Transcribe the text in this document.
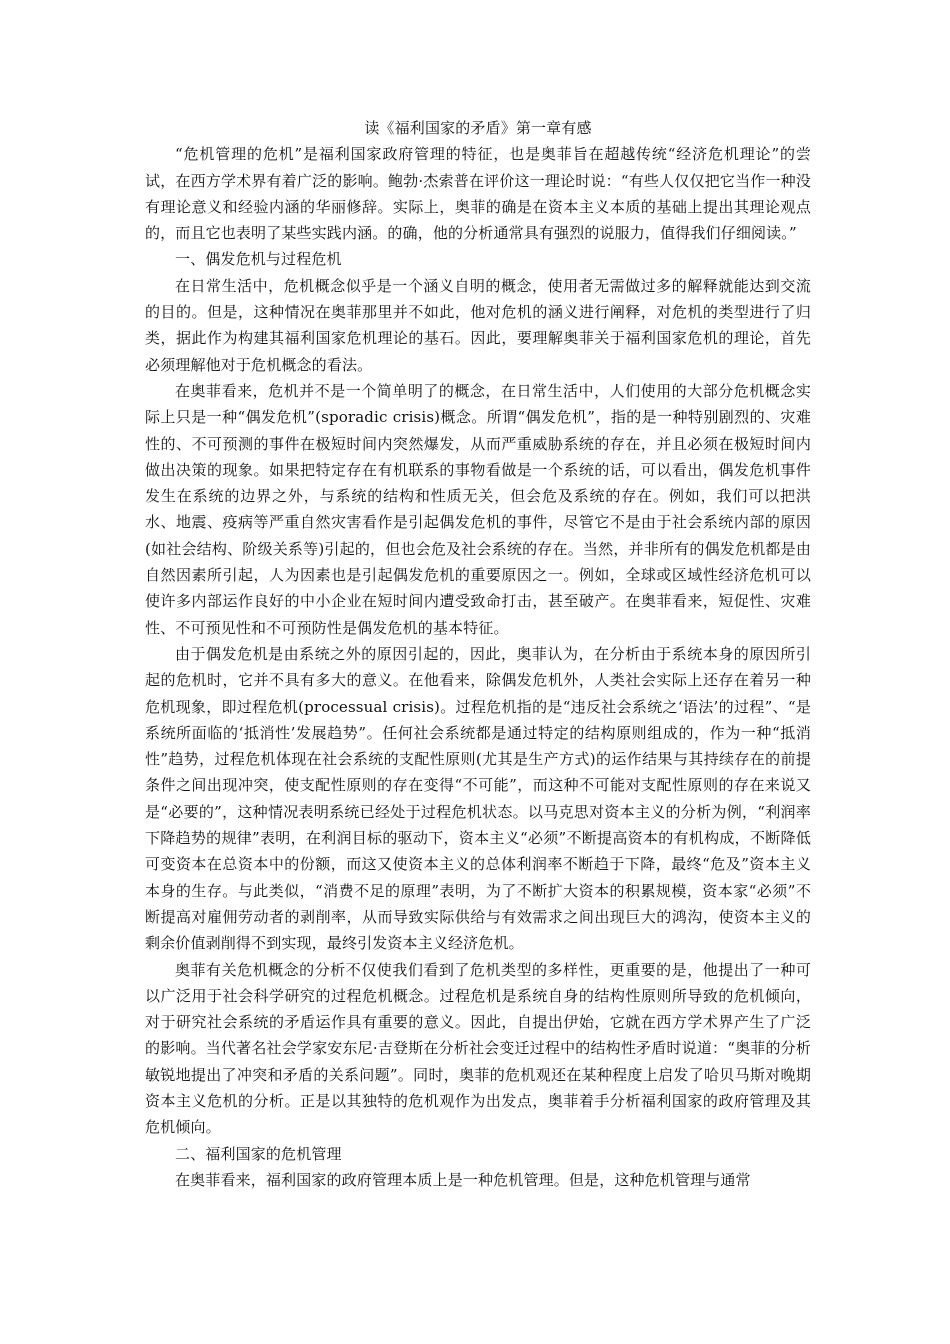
读《福利国家的矛盾》第一章有感

“危机管理的危机”是福利国家政府管理的特征，也是奥菲旨在超越传统“经济危机理论”的尝试，在西方学术界有着广泛的影响。鲍勃·杰索普在评价这一理论时说：“有些人仅仅把它当作一种没有理论意义和经验内涵的华丽修辞。实际上，奥菲的确是在资本主义本质的基础上提出其理论观点的，而且它也表明了某些实践内涵。的确，他的分析通常具有强烈的说服力，值得我们仔细阅读。”

一、偶发危机与过程危机

在日常生活中，危机概念似乎是一个涵义自明的概念，使用者无需做过多的解释就能达到交流的目的。但是，这种情况在奥菲那里并不如此，他对危机的涵义进行阐释，对危机的类型进行了归类，据此作为构建其福利国家危机理论的基石。因此，要理解奥菲关于福利国家危机的理论，首先必须理解他对于危机概念的看法。

在奥菲看来，危机并不是一个简单明了的概念，在日常生活中，人们使用的大部分危机概念实际上只是一种“偶发危机”(sporadic crisis)概念。所谓“偶发危机”，指的是一种特别剧烈的、灾难性的、不可预测的事件在极短时间内突然爆发，从而严重威胁系统的存在，并且必须在极短时间内做出决策的现象。如果把特定存在有机联系的事物看做是一个系统的话，可以看出，偶发危机事件发生在系统的边界之外，与系统的结构和性质无关，但会危及系统的存在。例如，我们可以把洪水、地震、疫病等严重自然灾害看作是引起偶发危机的事件，尽管它不是由于社会系统内部的原因(如社会结构、阶级关系等)引起的，但也会危及社会系统的存在。当然，并非所有的偶发危机都是由自然因素所引起，人为因素也是引起偶发危机的重要原因之一。例如，全球或区域性经济危机可以使许多内部运作良好的中小企业在短时间内遭受致命打击，甚至破产。在奥菲看来，短促性、灾难性、不可预见性和不可预防性是偶发危机的基本特征。

由于偶发危机是由系统之外的原因引起的，因此，奥菲认为，在分析由于系统本身的原因所引起的危机时，它并不具有多大的意义。在他看来，除偶发危机外，人类社会实际上还存在着另一种危机现象，即过程危机(processual crisis)。过程危机指的是“违反社会系统之‘语法’的过程”、“是系统所面临的‘抵消性’发展趋势”。任何社会系统都是通过特定的结构原则组成的，作为一种“抵消性”趋势，过程危机体现在社会系统的支配性原则(尤其是生产方式)的运作结果与其持续存在的前提条件之间出现冲突，使支配性原则的存在变得“不可能”，而这种不可能对支配性原则的存在来说又是“必要的”，这种情况表明系统已经处于过程危机状态。以马克思对资本主义的分析为例，“利润率下降趋势的规律”表明，在利润目标的驱动下，资本主义“必须”不断提高资本的有机构成，不断降低可变资本在总资本中的份额，而这又使资本主义的总体利润率不断趋于下降，最终“危及”资本主义本身的生存。与此类似，“消费不足的原理”表明，为了不断扩大资本的积累规模，资本家“必须”不断提高对雇佣劳动者的剥削率，从而导致实际供给与有效需求之间出现巨大的鸿沟，使资本主义的剩余价值剥削得不到实现，最终引发资本主义经济危机。

奥菲有关危机概念的分析不仅使我们看到了危机类型的多样性，更重要的是，他提出了一种可以广泛用于社会科学研究的过程危机概念。过程危机是系统自身的结构性原则所导致的危机倾向，对于研究社会系统的矛盾运作具有重要的意义。因此，自提出伊始，它就在西方学术界产生了广泛的影响。当代著名社会学家安东尼·吉登斯在分析社会变迁过程中的结构性矛盾时说道：“奥菲的分析敏锐地提出了冲突和矛盾的关系问题”。同时，奥菲的危机观还在某种程度上启发了哈贝马斯对晚期资本主义危机的分析。正是以其独特的危机观作为出发点，奥菲着手分析福利国家的政府管理及其危机倾向。

二、福利国家的危机管理

在奥菲看来，福利国家的政府管理本质上是一种危机管理。但是，这种危机管理与通常
